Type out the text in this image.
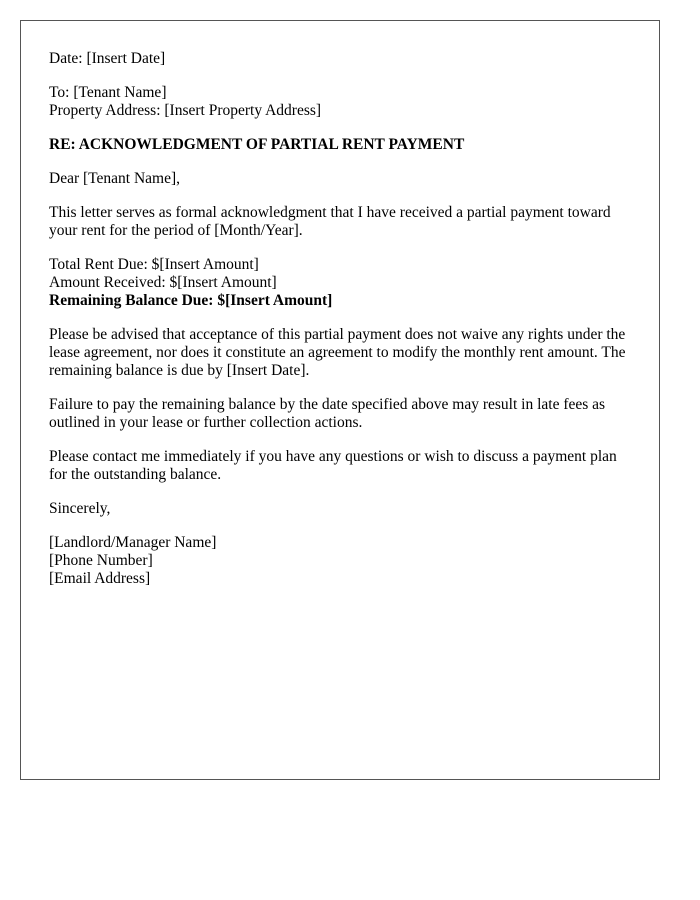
Date: [Insert Date]
To: [Tenant Name]
Property Address: [Insert Property Address]
RE: ACKNOWLEDGMENT OF PARTIAL RENT PAYMENT
Dear [Tenant Name],

This letter serves as formal acknowledgment that I have received a partial payment toward your rent for the period of [Month/Year].

Total Rent Due: $[Insert Amount]
Amount Received: $[Insert Amount]
Remaining Balance Due: $[Insert Amount]

Please be advised that acceptance of this partial payment does not waive any rights under the lease agreement, nor does it constitute an agreement to modify the monthly rent amount. The remaining balance is due by [Insert Date].

Failure to pay the remaining balance by the date specified above may result in late fees as outlined in your lease or further collection actions.

Please contact me immediately if you have any questions or wish to discuss a payment plan for the outstanding balance.

Sincerely,
[Landlord/Manager Name]
[Phone Number]
[Email Address]
